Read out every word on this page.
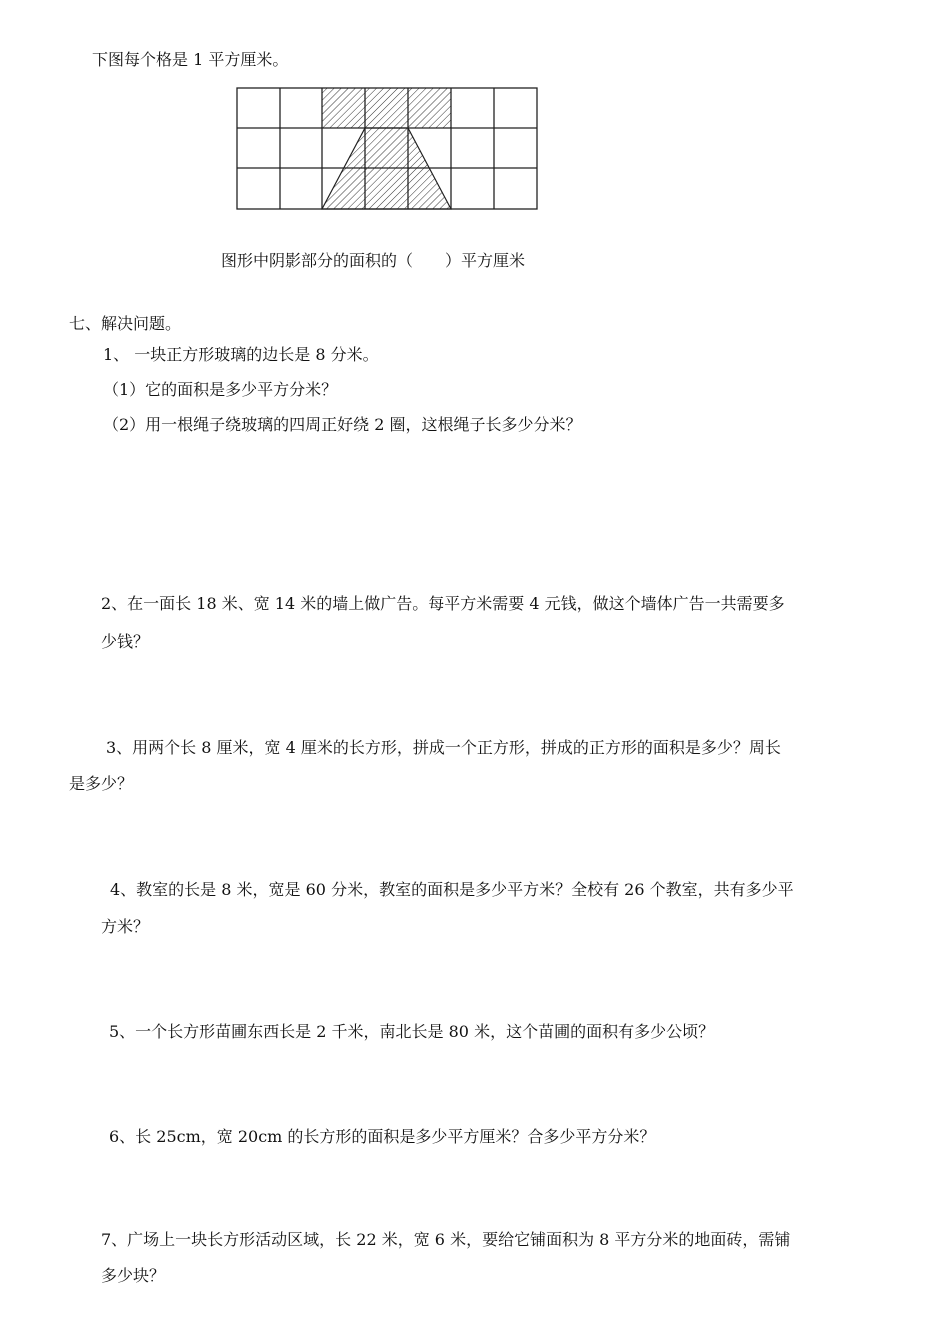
下图每个格是 1 平方厘米。
图形中阴影部分的面积的（　　）平方厘米
七、解决问题。
1、 一块正方形玻璃的边长是 8 分米。
（1）它的面积是多少平方分米？
（2）用一根绳子绕玻璃的四周正好绕 2 圈，这根绳子长多少分米？
2、在一面长 18 米、宽 14 米的墙上做广告。每平方米需要 4 元钱，做这个墙体广告一共需要多
少钱？
3、用两个长 8 厘米，宽 4 厘米的长方形，拼成一个正方形，拼成的正方形的面积是多少？周长
是多少？
4、教室的长是 8 米，宽是 60 分米，教室的面积是多少平方米？全校有 26 个教室，共有多少平
方米？
5、一个长方形苗圃东西长是 2 千米，南北长是 80 米，这个苗圃的面积有多少公顷？
6、长 25cm，宽 20cm 的长方形的面积是多少平方厘米？合多少平方分米？
7、广场上一块长方形活动区域，长 22 米，宽 6 米，要给它铺面积为 8 平方分米的地面砖，需铺
多少块？
